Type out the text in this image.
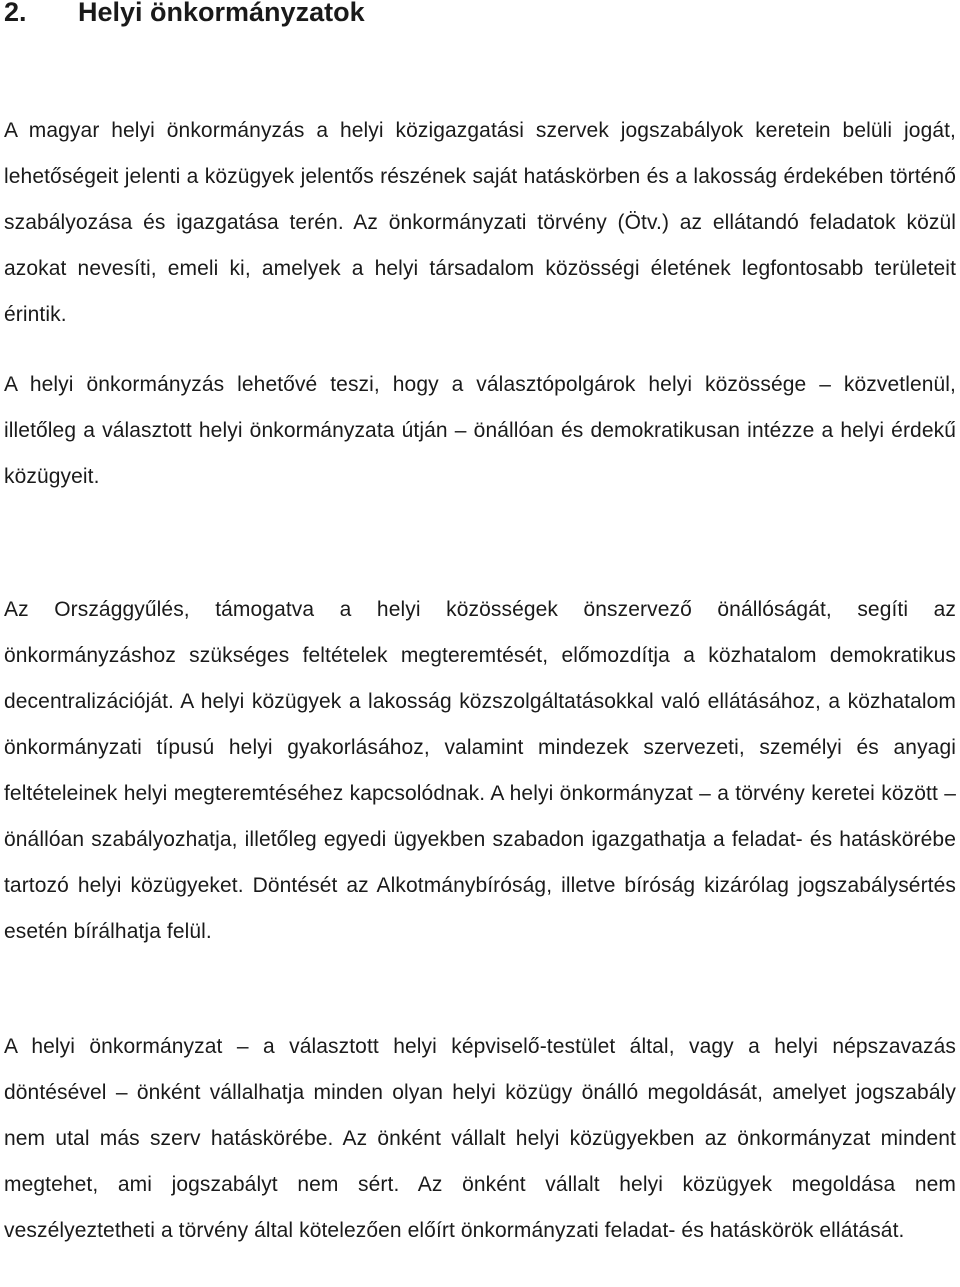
2. Helyi önkormányzatok

A magyar helyi önkormányzás a helyi közigazgatási szervek jogszabályok keretein belüli jogát, lehetőségeit jelenti a közügyek jelentős részének saját hatáskörben és a lakosság érdekében történő szabályozása és igazgatása terén. Az önkormányzati törvény (Ötv.) az ellátandó feladatok közül azokat nevesíti, emeli ki, amelyek a helyi társadalom közösségi életének legfontosabb területeit érintik.

A helyi önkormányzás lehetővé teszi, hogy a választópolgárok helyi közössége – közvetlenül, illetőleg a választott helyi önkormányzata útján – önállóan és demokratikusan intézze a helyi érdekű közügyeit.

Az Országgyűlés, támogatva a helyi közösségek önszervező önállóságát, segíti az önkormányzáshoz szükséges feltételek megteremtését, előmozdítja a közhatalom demokratikus decentralizációját. A helyi közügyek a lakosság közszolgáltatásokkal való ellátásához, a közhatalom önkormányzati típusú helyi gyakorlásához, valamint mindezek szervezeti, személyi és anyagi feltételeinek helyi megteremtéséhez kapcsolódnak. A helyi önkormányzat – a törvény keretei között – önállóan szabályozhatja, illetőleg egyedi ügyekben szabadon igazgathatja a feladat- és hatáskörébe tartozó helyi közügyeket. Döntését az Alkotmánybíróság, illetve bíróság kizárólag jogszabálysértés esetén bírálhatja felül.

A helyi önkormányzat – a választott helyi képviselő-testület által, vagy a helyi népszavazás döntésével – önként vállalhatja minden olyan helyi közügy önálló megoldását, amelyet jogszabály nem utal más szerv hatáskörébe. Az önként vállalt helyi közügyekben az önkormányzat mindent megtehet, ami jogszabályt nem sért. Az önként vállalt helyi közügyek megoldása nem veszélyeztetheti a törvény által kötelezően előírt önkormányzati feladat- és hatáskörök ellátását.
